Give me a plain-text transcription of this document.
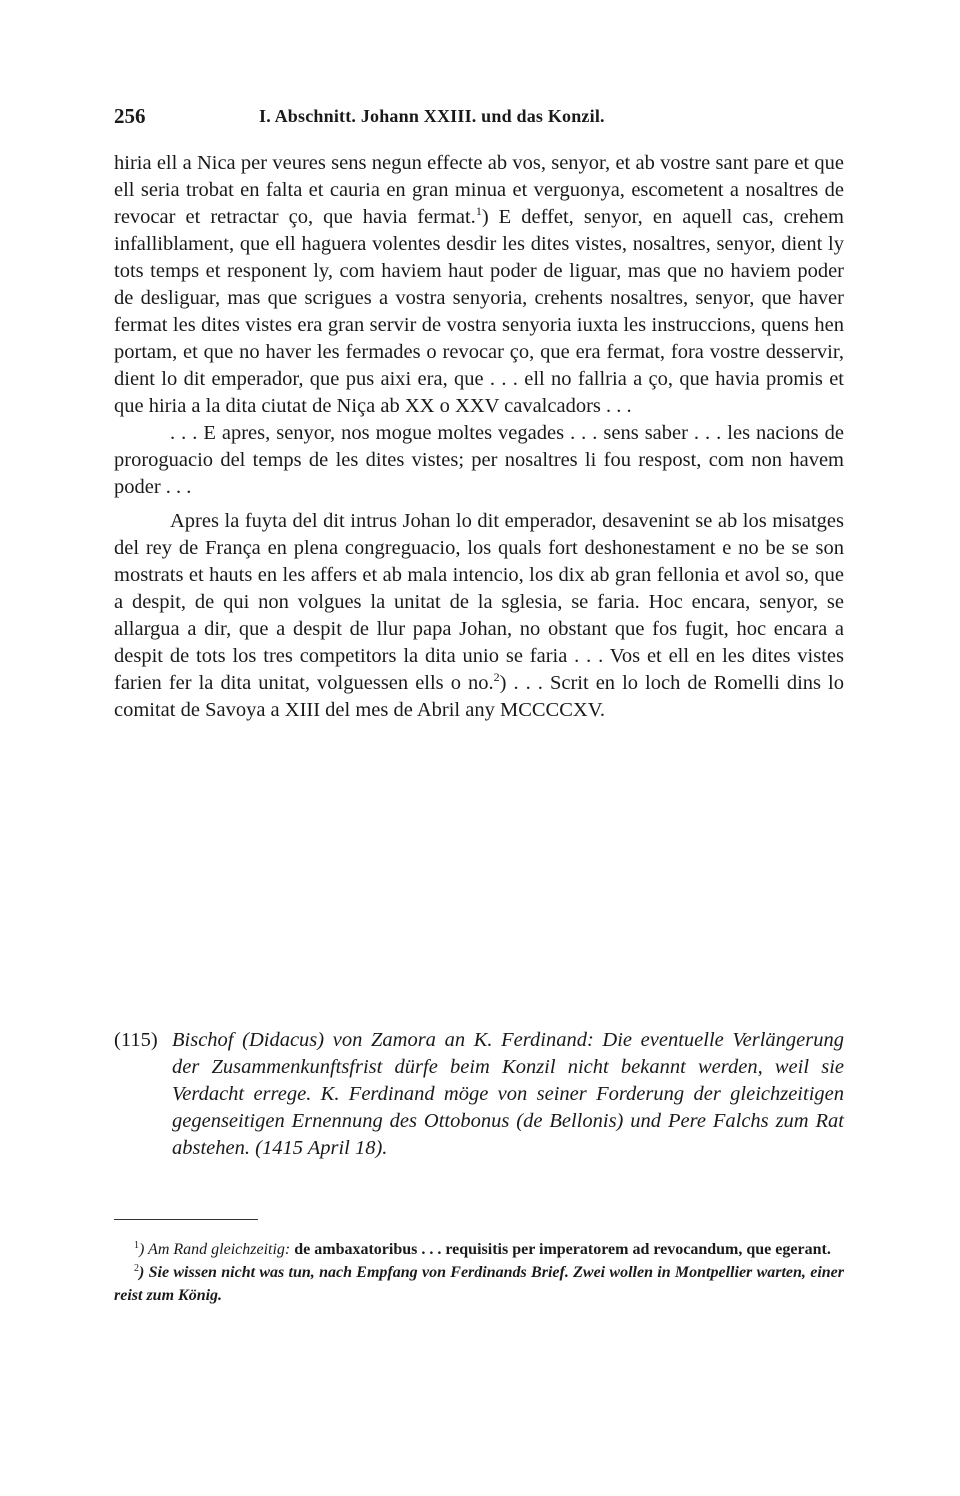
256	I. Abschnitt. Johann XXIII. und das Konzil.

hiria ell a Nica per veures sens negun effecte ab vos, senyor, et ab vostre sant pare et que ell seria trobat en falta et cauria en gran minua et verguonya, escometent a nosaltres de revocar et retractar ço, que havia fermat.$^1$) E deffet, senyor, en aquell cas, crehem infalliblament, que ell haguera volentes desdir les dites vistes, nosaltres, senyor, dient ly tots temps et responent ly, com haviem haut poder de liguar, mas que no haviem poder de desliguar, mas que scrigues a vostra senyoria, crehents nosaltres, senyor, que haver fermat les dites vistes era gran servir de vostra senyoria iuxta les instruccions, quens hen portam, et que no haver les fermades o revocar ço, que era fermat, fora vostre desservir, dient lo dit emperador, que pus aixi era, que . . . ell no fallria a ço, que havia promis et que hiria a la dita ciutat de Niça ab XX o XXV cavalcadors . . .

. . . E apres, senyor, nos mogue moltes vegades . . . sens saber . . . les nacions de proroguacio del temps de les dites vistes; per nosaltres li fou respost, com non havem poder . . .

Apres la fuyta del dit intrus Johan lo dit emperador, desavenint se ab los misatges del rey de França en plena congreguacio, los quals fort deshonestament e no be se son mostrats et hauts en les affers et ab mala intencio, los dix ab gran fellonia et avol so, que a despit, de qui non volgues la unitat de la sglesia, se faria. Hoc encara, senyor, se allargua a dir, que a despit de llur papa Johan, no obstant que fos fugit, hoc encara a despit de tots los tres competitors la dita unio se faria . . . Vos et ell en les dites vistes farien fer la dita unitat, volguessen ells o no.$^2$) . . . Scrit en lo loch de Romelli dins lo comitat de Savoya a XIII del mes de Abril any MCCCCXV.

(115) Bischof (Didacus) von Zamora an K. Ferdinand: Die eventuelle Verlängerung der Zusammenkunftsfrist dürfe beim Konzil nicht bekannt werden, weil sie Verdacht errege. K. Ferdinand möge von seiner Forderung der gleichzeitigen gegenseitigen Ernennung des Ottobonus (de Bellonis) und Pere Falchs zum Rat abstehen. (1415 April 18).

$^1$) Am Rand gleichzeitig: de ambaxatoribus . . . requisitis per imperatorem ad revocandum, que egerant.

$^2$) Sie wissen nicht was tun, nach Empfang von Ferdinands Brief. Zwei wollen in Montpellier warten, einer reist zum König.
